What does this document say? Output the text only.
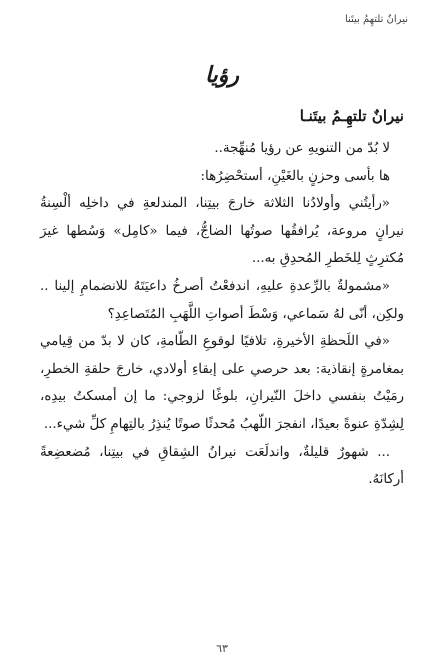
نيرانٌ تلتهِمُ بيتَنا
رؤيا
نيرانٌ تلتهِـمُ بيتَنـا

لا بُدّ من التنويهِ عن رؤيا مُنهِّجة..

ها بأسى وحزنٍ بالغَيْنِ، أستحْضِرُها:

«رأيتُني وأولادُنا الثلاثة خارجَ بيتِنا، المندلعةِ في داخلِه ألْسِنةُ نيرانٍ مروعة، يُرافقُها صوتُها الضاجُّ، فيما «كامِل» وَسُطها غيرَ مُكترِثٍ لِلخَطرِ المُحدِقِ به...

«مشمولةٌ بالرِّعدةِ عليهِ، اندفعْتُ أصرخُ داعيَتَهُ للانضمامِ إلينا .. ولكِن، أنّى لهُ سَماعي، وَسْطَ أصواتِ اللَّهَبِ المُتَصاعِدِ؟

«في اللَحظةِ الأخيرةِ، تلافيًا لوقوعِ الطّامةِ، كان لا بدّ من قِيامي بمغامرةٍ إنقاذية: بعد حرصي على إبقاءِ أولادي، خارجَ حلقةِ الخطرِ، رمَيْتُ بنفسي داخلَ النّيرانِ، بلوغًا لزوجي: ما إن أمسكتُ بيدِه، لِشِدّةِ عنوةً بعيدًا، انفجرَ اللّهبُ مُحدثًا صوتًا يُنذِرُ بالتِهامِ كلِّ شيء...

... شهورٌ قليلةٌ، واندلَعَت نيرانُ الشِقاقِ في بيتِنا، مُضعضِعةً أركانَهُ.

٦٣
